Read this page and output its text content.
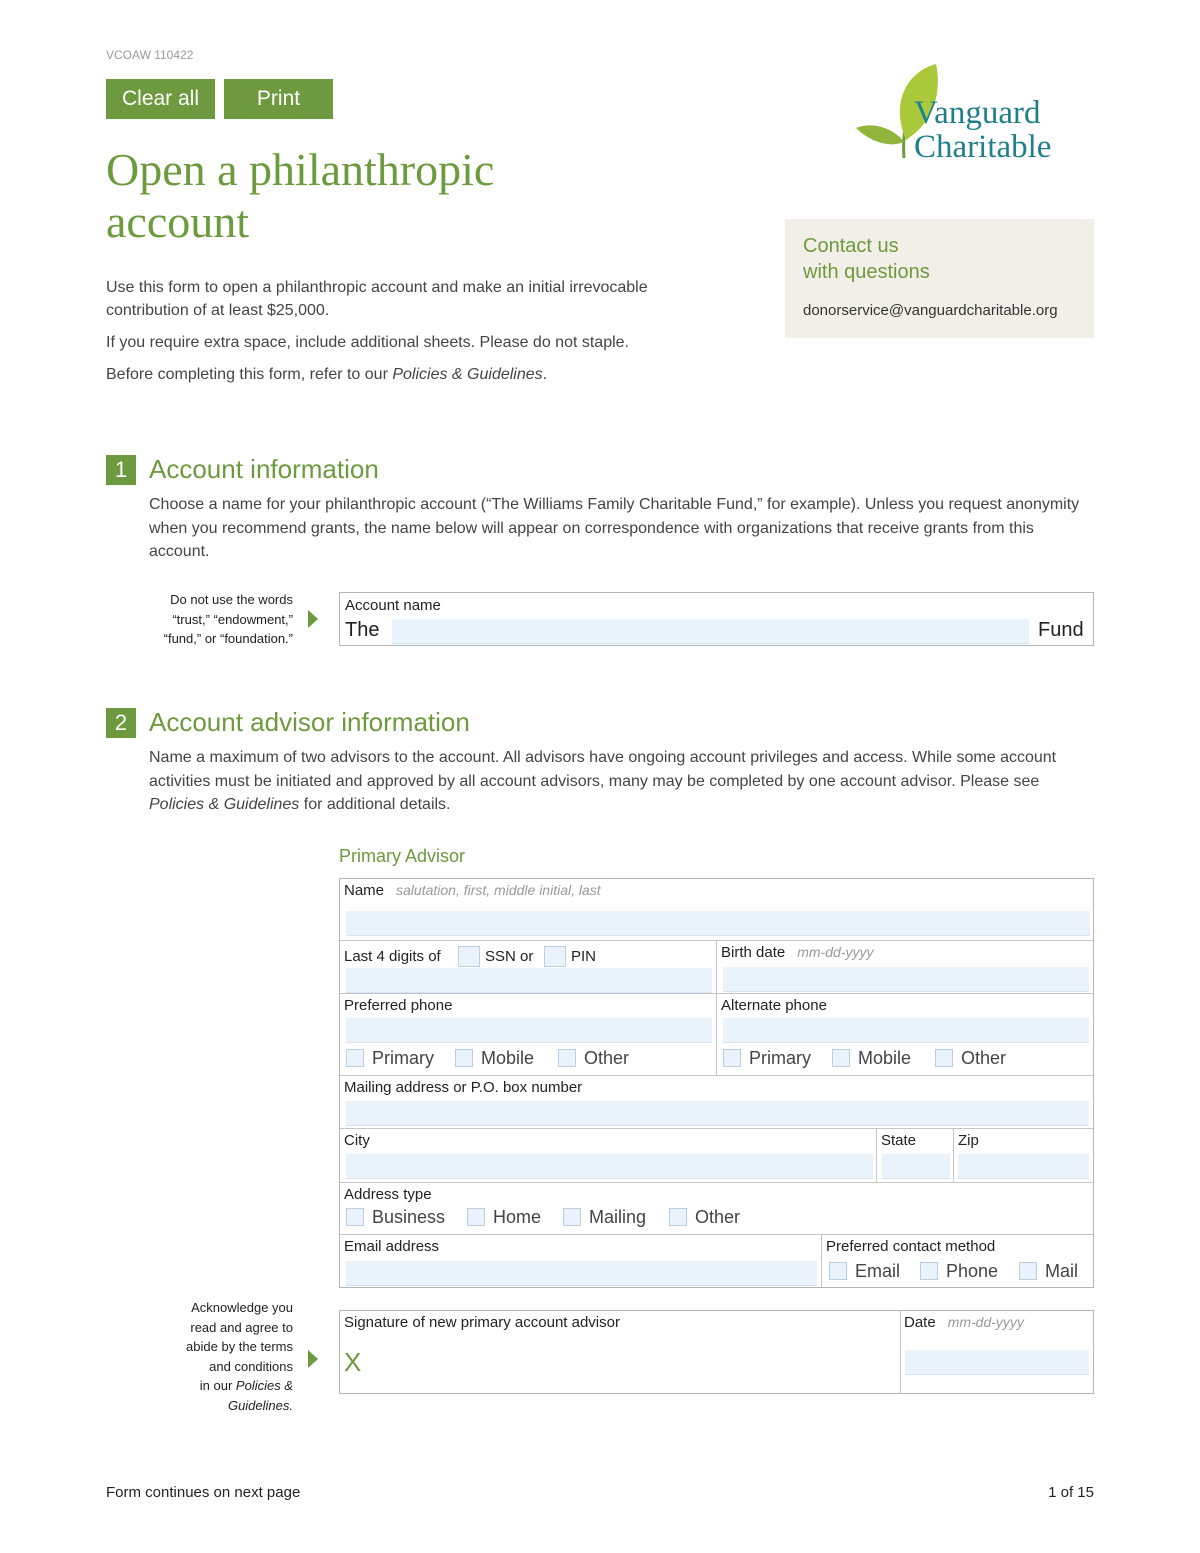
VCOAW 110422
Clear all	Print	Vanguard
Charitable
Open a philanthropic
account

Use this form to open a philanthropic account and make an initial irrevocable contribution of at least $25,000.

If you require extra space, include additional sheets. Please do not staple.

Before completing this form, refer to our Policies & Guidelines.

Contact us
with questions
donorservice@vanguardcharitable.org
1 Account information
Choose a name for your philanthropic account (“The Williams Family Charitable Fund,” for example). Unless you request anonymity when you recommend grants, the name below will appear on correspondence with organizations that receive grants from this account.
Do not use the words
“trust,” “endowment,”
“fund,” or “foundation.”
Account name
The	Fund
2 Account advisor information
Name a maximum of two advisors to the account. All advisors have ongoing account privileges and access. While some account activities must be initiated and approved by all account advisors, many may be completed by one account advisor. Please see Policies & Guidelines for additional details.
Primary Advisor
Name salutation, first, middle initial, last
Last 4 digits of	SSN or	PIN	Birth date mm-dd-yyyy
Preferred phone
Primary	Mobile	Other
Alternate phone
Primary	Mobile	Other
Mailing address or P.O. box number
City	State	Zip
Address type
Business	Home	Mailing	Other
Email address	Preferred contact method
Email	Phone	Mail
Acknowledge you
read and agree to
abide by the terms
and conditions
in our Policies &
Guidelines.
Signature of new primary account advisor
X
Date mm-dd-yyyy
Form continues on next page	1 of 15
